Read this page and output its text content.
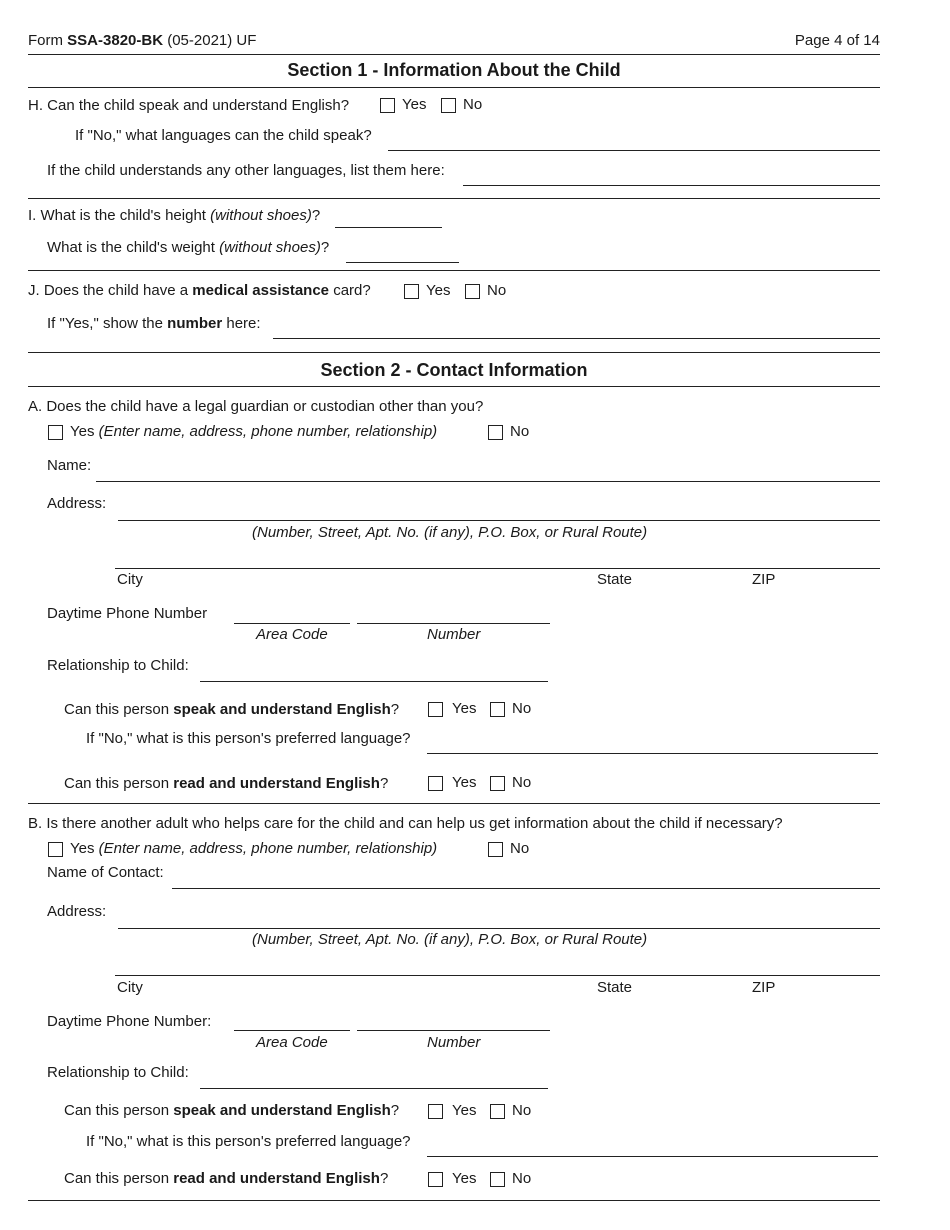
Form SSA-3820-BK (05-2021) UF	Page 4 of 14
Section 1 - Information About the Child
H. Can the child speak and understand English?	Yes No
If "No," what languages can the child speak?
If the child understands any other languages, list them here:
I. What is the child's height (without shoes)?
What is the child's weight (without shoes)?
J. Does the child have a medical assistance card?	Yes No
If "Yes," show the number here:
Section 2 - Contact Information
A. Does the child have a legal guardian or custodian other than you?
Yes (Enter name, address, phone number, relationship)	No
Name:
Address:
(Number, Street, Apt. No. (if any), P.O. Box, or Rural Route)
City	State	ZIP
Daytime Phone Number
Area Code	Number
Relationship to Child:
Can this person speak and understand English?	Yes No
If "No," what is this person's preferred language?
Can this person read and understand English?	Yes No
B. Is there another adult who helps care for the child and can help us get information about the child if necessary?
Yes (Enter name, address, phone number, relationship)	No
Name of Contact:
Address:
(Number, Street, Apt. No. (if any), P.O. Box, or Rural Route)
City	State	ZIP
Daytime Phone Number:
Area Code	Number
Relationship to Child:
Can this person speak and understand English?	Yes No
If "No," what is this person's preferred language?
Can this person read and understand English?	Yes No
